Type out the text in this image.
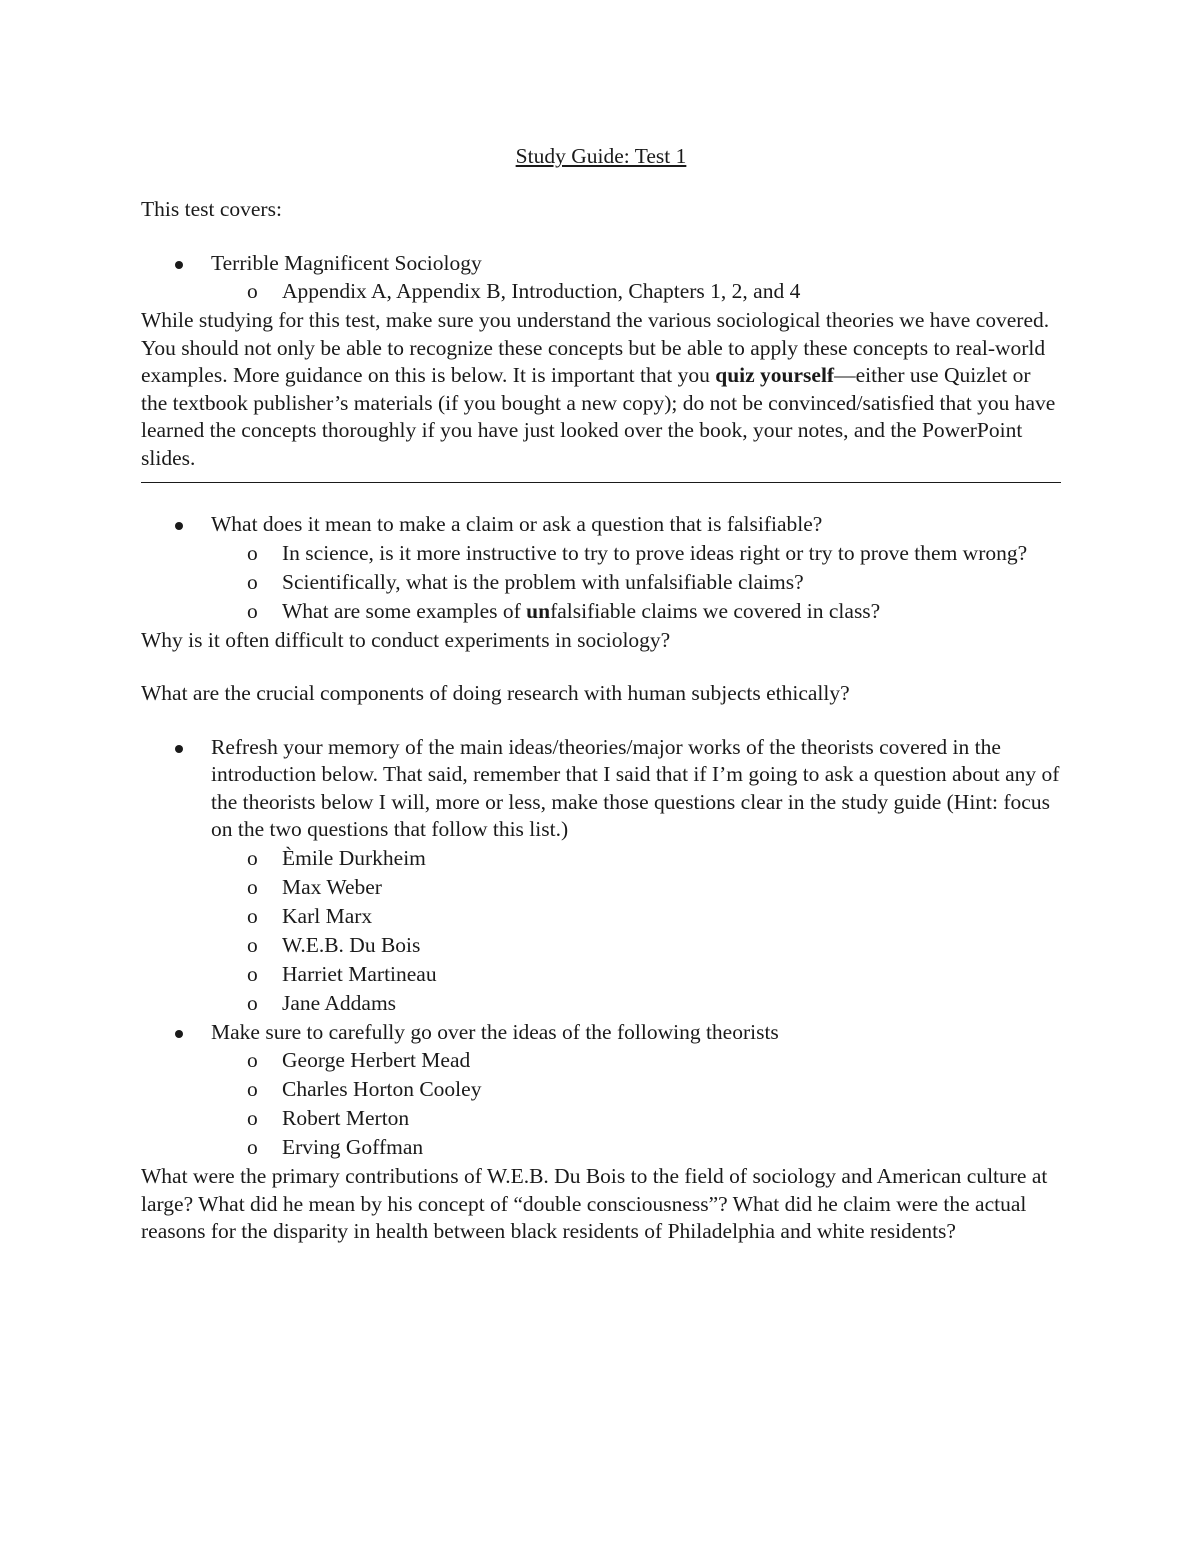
Study Guide: Test 1

This test covers:

Terrible Magnificent Sociology
o Appendix A, Appendix B, Introduction, Chapters 1, 2, and 4

While studying for this test, make sure you understand the various sociological theories we have covered. You should not only be able to recognize these concepts but be able to apply these concepts to real-world examples. More guidance on this is below. It is important that you quiz yourself—either use Quizlet or the textbook publisher’s materials (if you bought a new copy); do not be convinced/satisfied that you have learned the concepts thoroughly if you have just looked over the book, your notes, and the PowerPoint slides.

What does it mean to make a claim or ask a question that is falsifiable?
o In science, is it more instructive to try to prove ideas right or try to prove them wrong?
o Scientifically, what is the problem with unfalsifiable claims?
o What are some examples of unfalsifiable claims we covered in class?

Why is it often difficult to conduct experiments in sociology?

What are the crucial components of doing research with human subjects ethically?

Refresh your memory of the main ideas/theories/major works of the theorists covered in the introduction below. That said, remember that I said that if I’m going to ask a question about any of the theorists below I will, more or less, make those questions clear in the study guide (Hint: focus on the two questions that follow this list.)
o Èmile Durkheim
o Max Weber
o Karl Marx
o W.E.B. Du Bois
o Harriet Martineau
o Jane Addams
Make sure to carefully go over the ideas of the following theorists
o George Herbert Mead
o Charles Horton Cooley
o Robert Merton
o Erving Goffman

What were the primary contributions of W.E.B. Du Bois to the field of sociology and American culture at large? What did he mean by his concept of “double consciousness”? What did he claim were the actual reasons for the disparity in health between black residents of Philadelphia and white residents?
